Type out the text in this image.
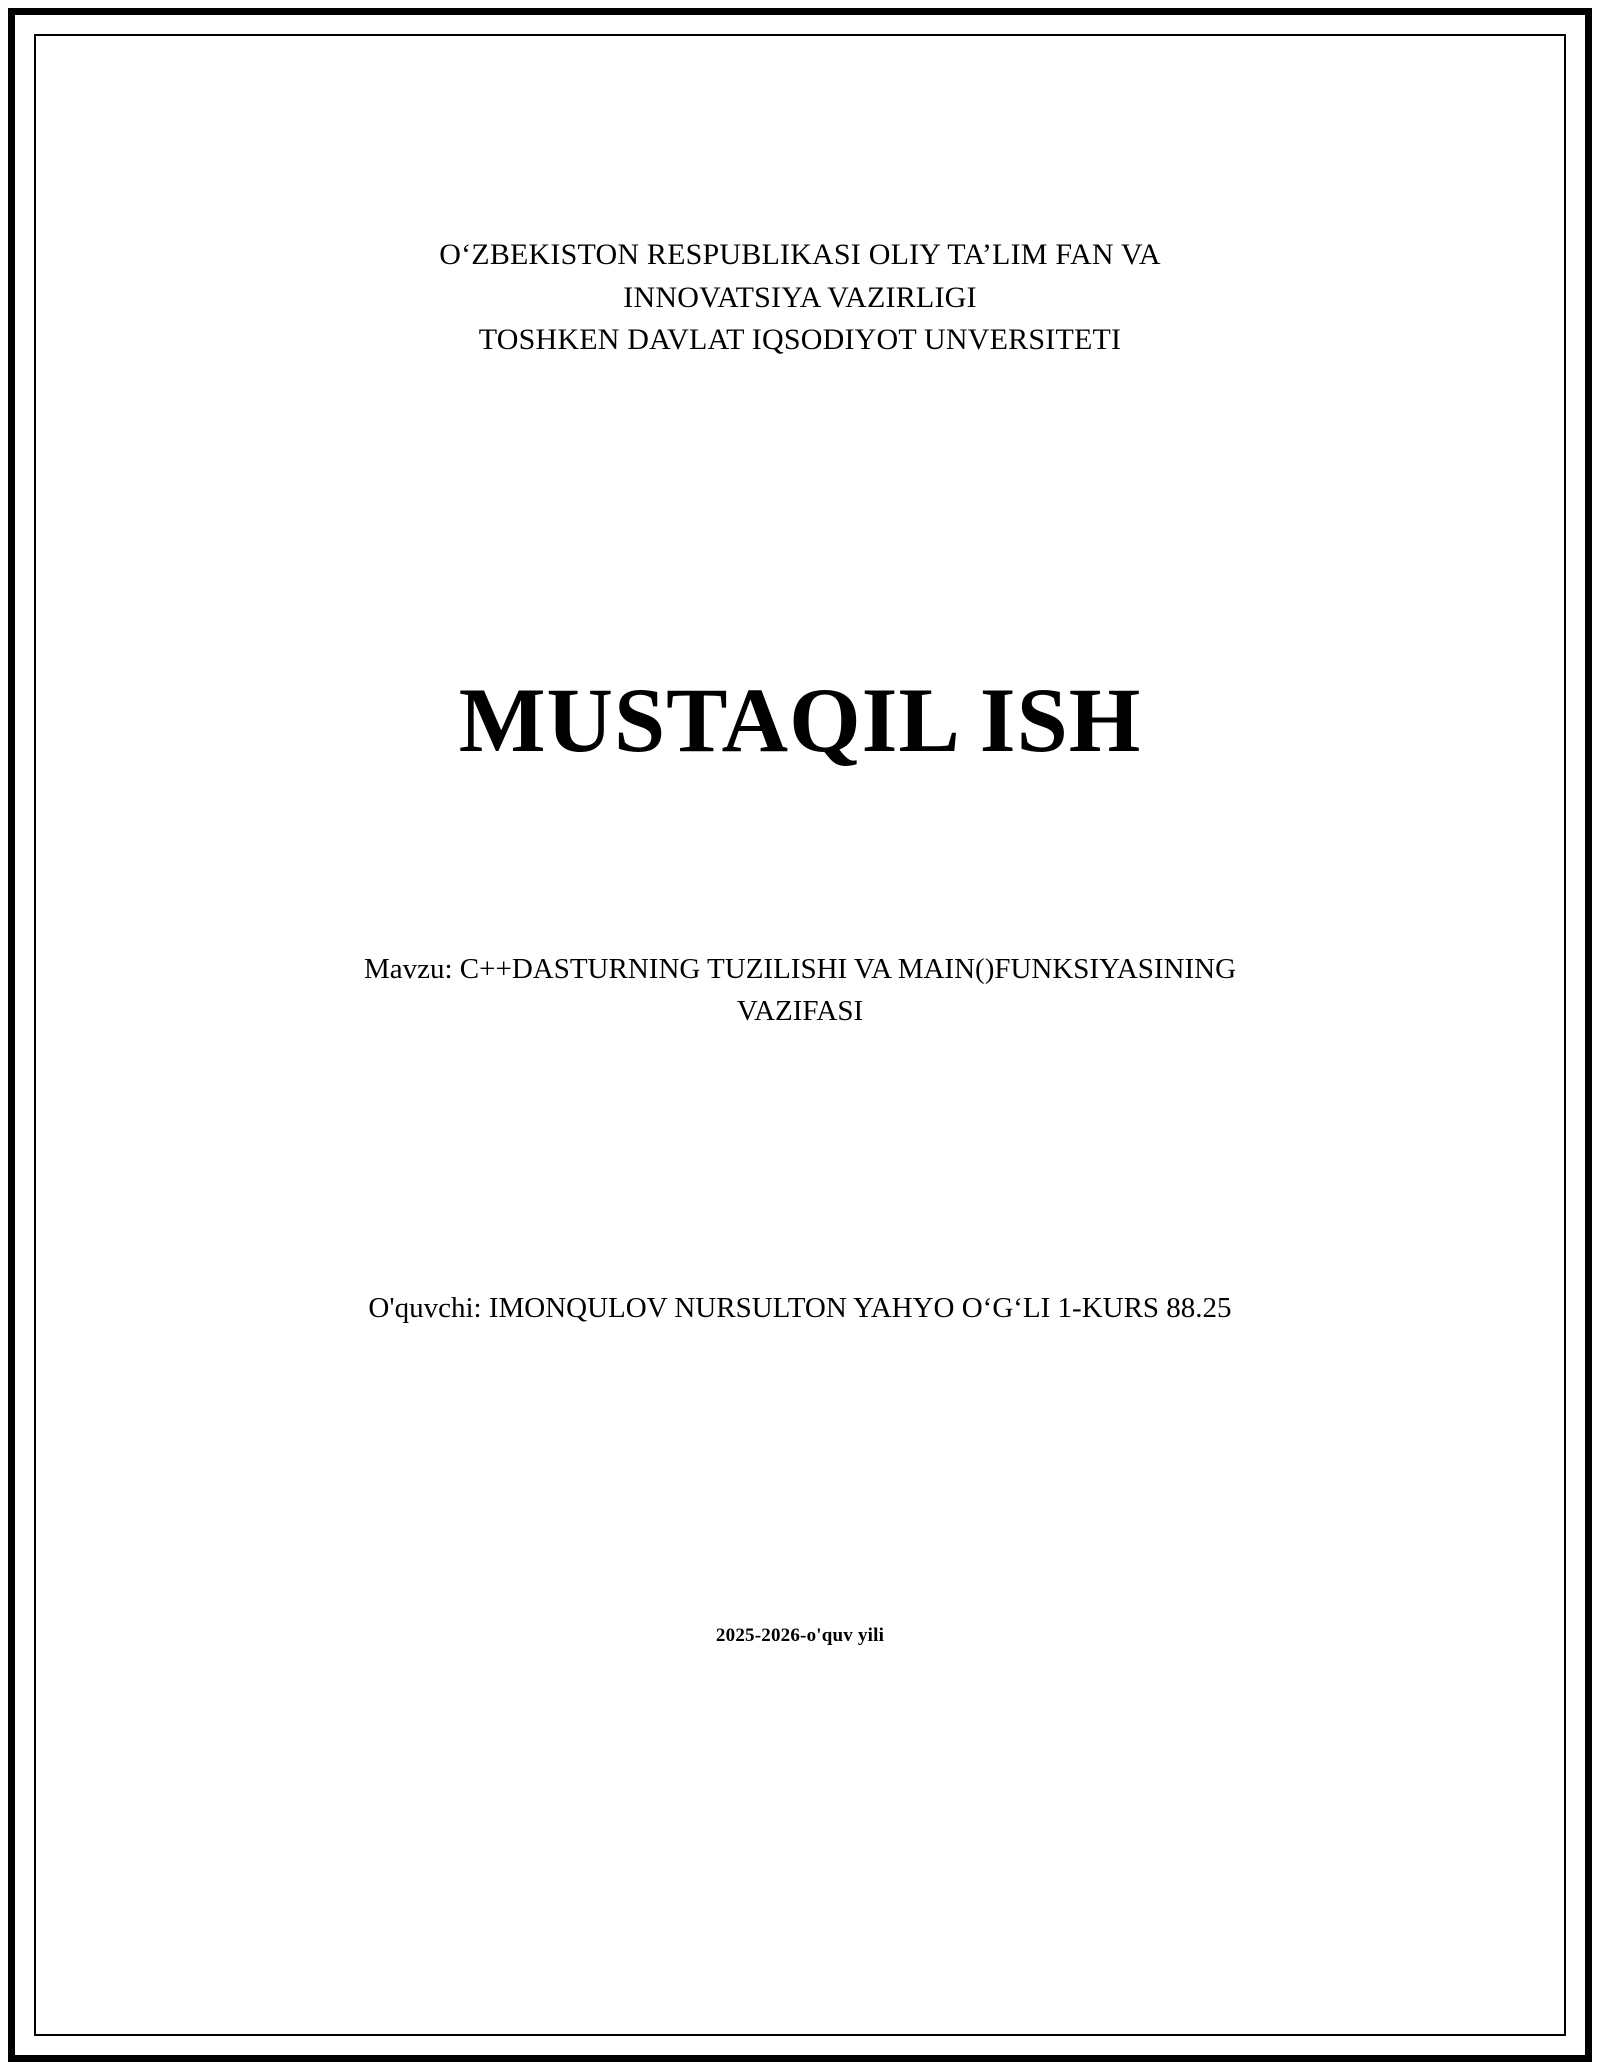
O‘ZBEKISTON RESPUBLIKASI OLIY TA’LIM FAN VA
INNOVATSIYA VAZIRLIGI
TOSHKEN DAVLAT IQSODIYOT UNVERSITETI
MUSTAQIL ISH
Mavzu: C++DASTURNING TUZILISHI VA MAIN()FUNKSIYASINING
VAZIFASI
O'quvchi: IMONQULOV NURSULTON YAHYO O‘G‘LI 1-KURS 88.25
2025-2026-o'quv yili
